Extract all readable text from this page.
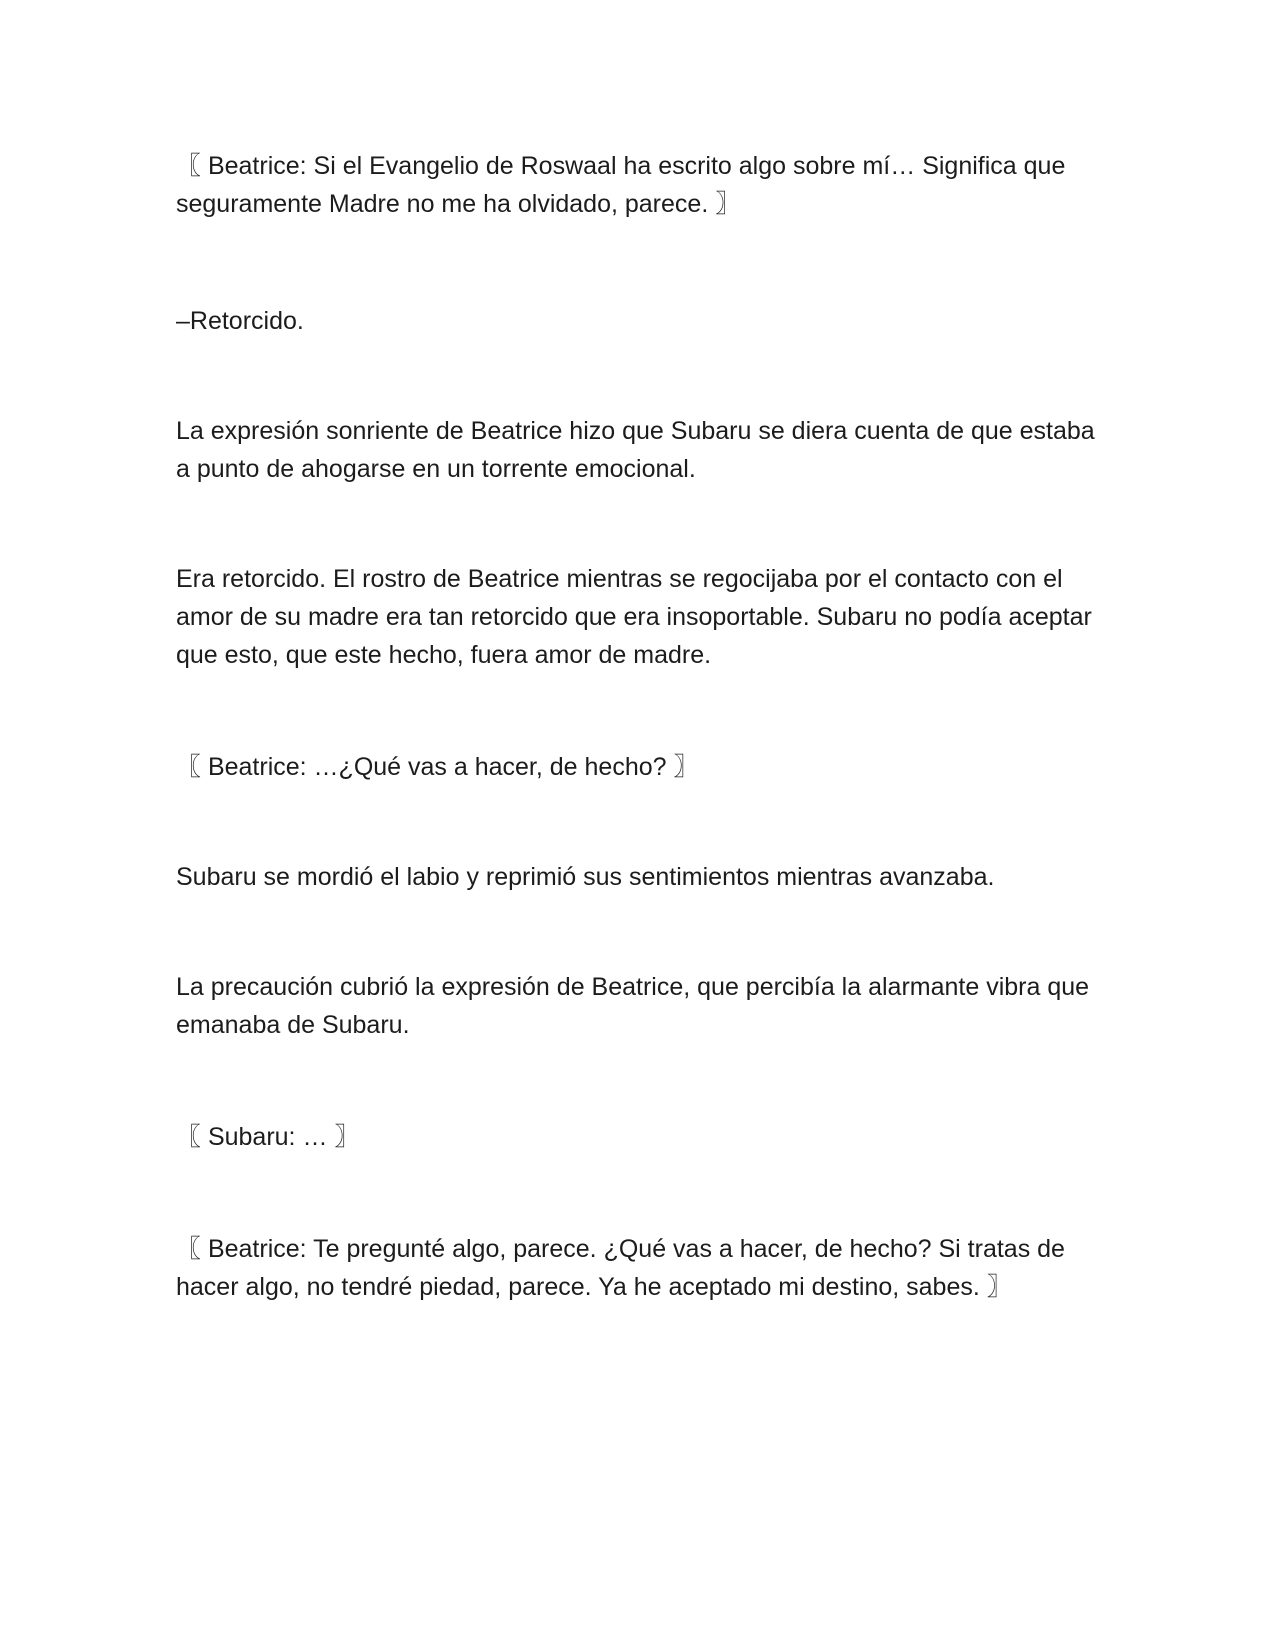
〖 Beatrice: Si el Evangelio de Roswaal ha escrito algo sobre mí… Significa que seguramente Madre no me ha olvidado, parece. 〗

–Retorcido.

La expresión sonriente de Beatrice hizo que Subaru se diera cuenta de que estaba a punto de ahogarse en un torrente emocional.

Era retorcido. El rostro de Beatrice mientras se regocijaba por el contacto con el amor de su madre era tan retorcido que era insoportable. Subaru no podía aceptar que esto, que este hecho, fuera amor de madre.

〖 Beatrice: …¿Qué vas a hacer, de hecho? 〗

Subaru se mordió el labio y reprimió sus sentimientos mientras avanzaba.

La precaución cubrió la expresión de Beatrice, que percibía la alarmante vibra que emanaba de Subaru.

〖 Subaru: … 〗

〖 Beatrice: Te pregunté algo, parece. ¿Qué vas a hacer, de hecho? Si tratas de hacer algo, no tendré piedad, parece. Ya he aceptado mi destino, sabes. 〗
